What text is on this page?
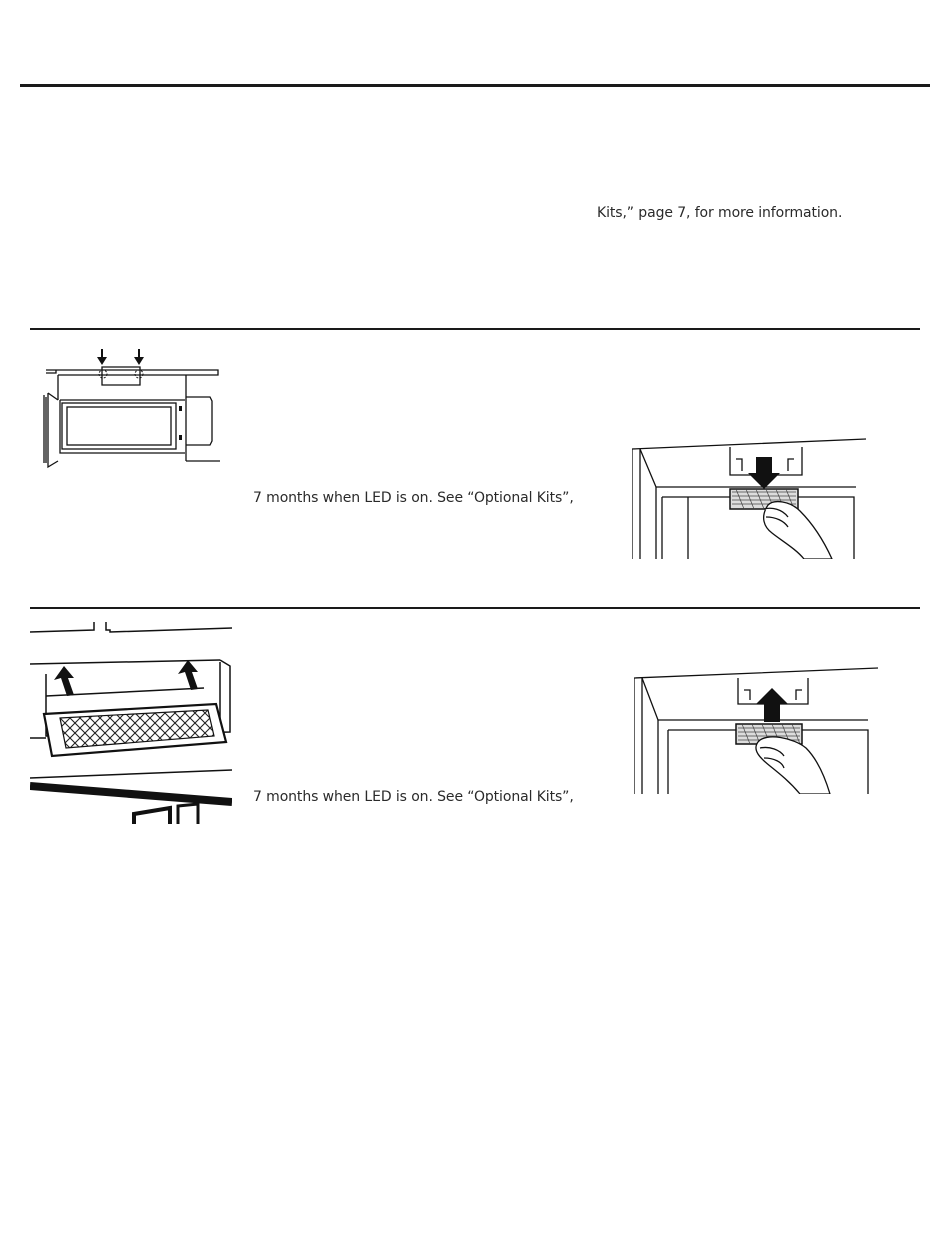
Kits,” page 7, for more information.
7 months when LED is on. See “Optional Kits”,
7 months when LED is on. See “Optional Kits”,
